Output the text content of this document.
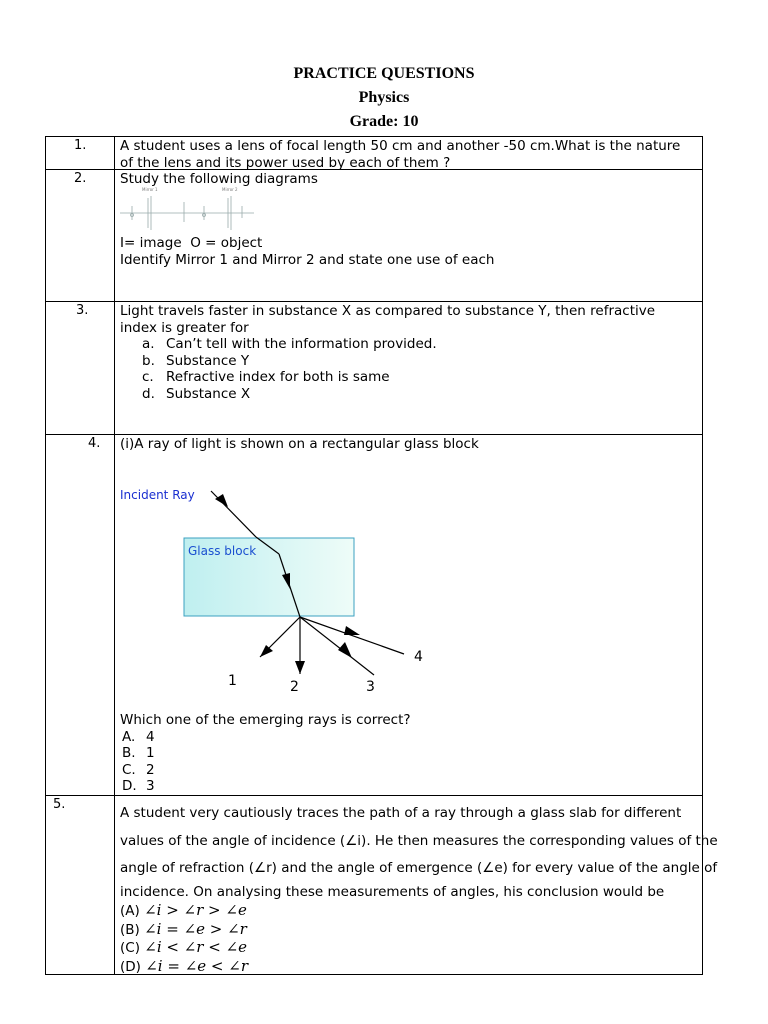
PRACTICE QUESTIONS
Physics
Grade: 10
1. A student uses a lens of focal length 50 cm and another -50 cm.What is the nature
of the lens and its power used by each of them ?
2. Study the following diagrams
Mirror 1	Mirror 2
I= image  O = object
Identify Mirror 1 and Mirror 2 and state one use of each
3. Light travels faster in substance X as compared to substance Y, then refractive
index is greater for
a. Can’t tell with the information provided.
b. Substance Y
c. Refractive index for both is same
d. Substance X
4. (i)A ray of light is shown on a rectangular glass block
Incident Ray
Glass block
1	2	3
4
Which one of the emerging rays is correct?
A. 4
B. 1
C. 2
D. 3
5.
A student very cautiously traces the path of a ray through a glass slab for different
values of the angle of incidence (∠i). He then measures the corresponding values of the
angle of refraction (∠r) and the angle of emergence (∠e) for every value of the angle of
incidence. On analysing these measurements of angles, his conclusion would be
(A) ∠i > ∠r > ∠e
(B) ∠i = ∠e > ∠r
(C) ∠i < ∠r < ∠e
(D) ∠i = ∠e < ∠r
